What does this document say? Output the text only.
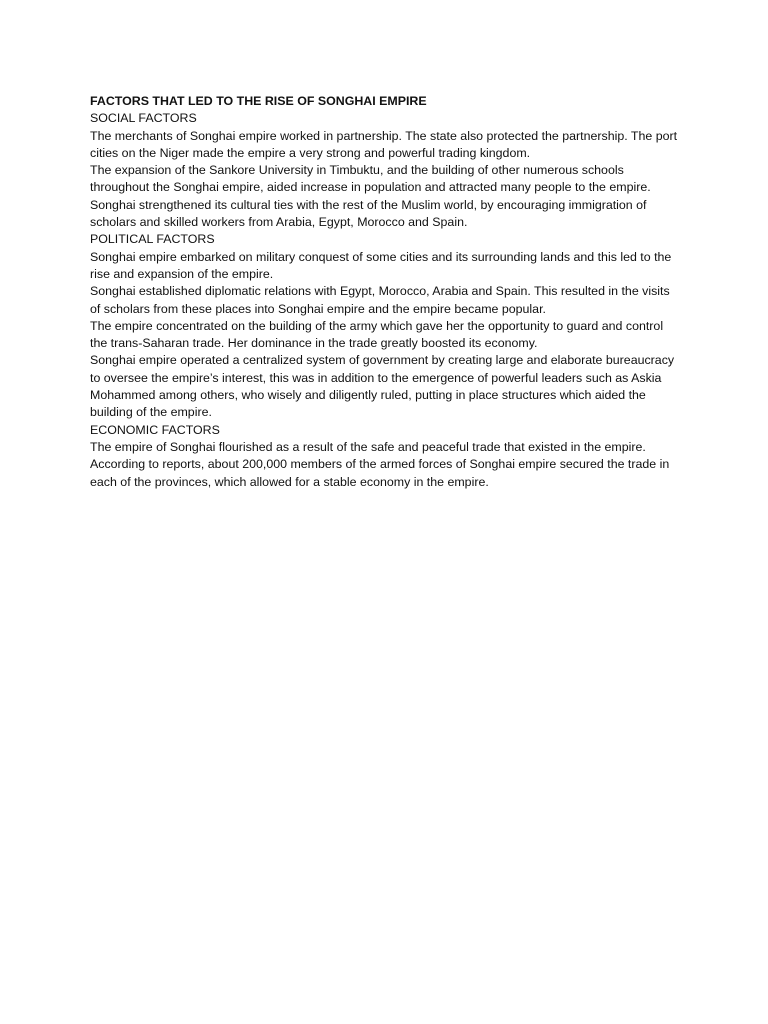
FACTORS THAT LED TO THE RISE OF SONGHAI EMPIRE
SOCIAL FACTORS

The merchants of Songhai empire worked in partnership. The state also protected the partnership. The port cities on the Niger made the empire a very strong and powerful trading kingdom.

The expansion of the Sankore University in Timbuktu, and the building of other numerous schools throughout the Songhai empire, aided increase in population and attracted many people to the empire.

Songhai strengthened its cultural ties with the rest of the Muslim world, by encouraging immigration of scholars and skilled workers from Arabia, Egypt, Morocco and Spain.

POLITICAL FACTORS

Songhai empire embarked on military conquest of some cities and its surrounding lands and this led to the rise and expansion of the empire.

Songhai established diplomatic relations with Egypt, Morocco, Arabia and Spain. This resulted in the visits of scholars from these places into Songhai empire and the empire became popular.

The empire concentrated on the building of the army which gave her the opportunity to guard and control the trans-Saharan trade. Her dominance in the trade greatly boosted its economy.

Songhai empire operated a centralized system of government by creating large and elaborate bureaucracy to oversee the empire’s interest, this was in addition to the emergence of powerful leaders such as Askia Mohammed among others, who wisely and diligently ruled, putting in place structures which aided the building of the empire.

ECONOMIC FACTORS

The empire of Songhai flourished as a result of the safe and peaceful trade that existed in the empire. According to reports, about 200,000 members of the armed forces of Songhai empire secured the trade in each of the provinces, which allowed for a stable economy in the empire.
